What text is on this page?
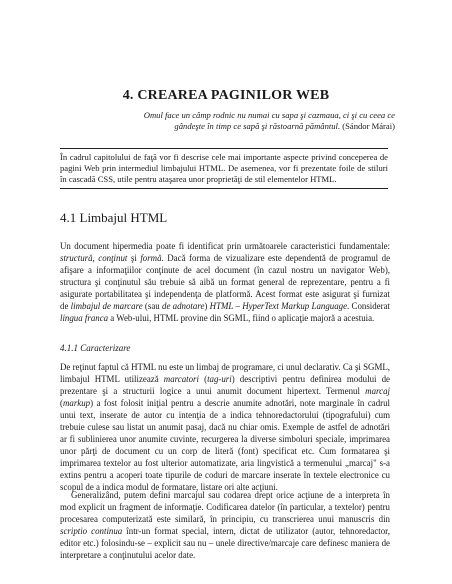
4. CREAREA PAGINILOR WEB
Omul face un câmp rodnic nu numai cu sapa şi cazmaua, ci şi cu ceea ce gândeşte în timp ce sapă şi răstoarnă pământul. (Sándor Márai)
În cadrul capitolului de faţă vor fi descrise cele mai importante aspecte privind conceperea de pagini Web prin intermediul limbajului HTML. De asemenea, vor fi prezentate foile de stiluri în cascadă CSS, utile pentru ataşarea unor proprietăţi de stil elementelor HTML.
4.1 Limbajul HTML

Un document hipermedia poate fi identificat prin următoarele caracteristici fundamentale: structură, conţinut şi formă. Dacă forma de vizualizare este dependentă de programul de afişare a informaţiilor conţinute de acel document (în cazul nostru un navigator Web), structura şi conţinutul său trebuie să aibă un format general de reprezentare, pentru a fi asigurate portabilitatea şi independenţa de platformă. Acest format este asigurat şi furnizat de limbajul de marcare (sau de adnotare) HTML – HyperText Markup Language. Considerat lingua franca a Web-ului, HTML provine din SGML, fiind o aplicaţie majoră a acestuia.

4.1.1 Caracterizare

De reţinut faptul că HTML nu este un limbaj de programare, ci unul declarativ. Ca şi SGML, limbajul HTML utilizează marcatori (tag-uri) descriptivi pentru definirea modului de prezentare şi a structurii logice a unui anumit document hipertext. Termenul marcaj (markup) a fost folosit iniţial pentru a descrie anumite adnotări, note marginale în cadrul unui text, inserate de autor cu intenţia de a indica tehnoredactorului (tipografului) cum trebuie culese sau listat un anumit pasaj, dacă nu chiar omis. Exemple de astfel de adnotări ar fi sublinierea unor anumite cuvinte, recurgerea la diverse simboluri speciale, imprimarea unor părţi de document cu un corp de literă (font) specificat etc. Cum formatarea şi imprimarea textelor au fost ulterior automatizate, aria lingvistică a termenului „marcaj" s-a extins pentru a acoperi toate tipurile de coduri de marcare inserate în textele electronice cu scopul de a indica modul de formatare, listare ori alte acţiuni.

Generalizând, putem defini marcajul sau codarea drept orice acţiune de a interpreta în mod explicit un fragment de informaţie. Codificarea datelor (în particular, a textelor) pentru procesarea computerizată este similară, în principiu, cu transcrierea unui manuscris din scriptio continua într-un format special, intern, dictat de utilizator (autor, tehnoredactor, editor etc.) folosindu-se – explicit sau nu – unele directive/marcaje care definesc maniera de interpretare a conţinutului acelor date.
